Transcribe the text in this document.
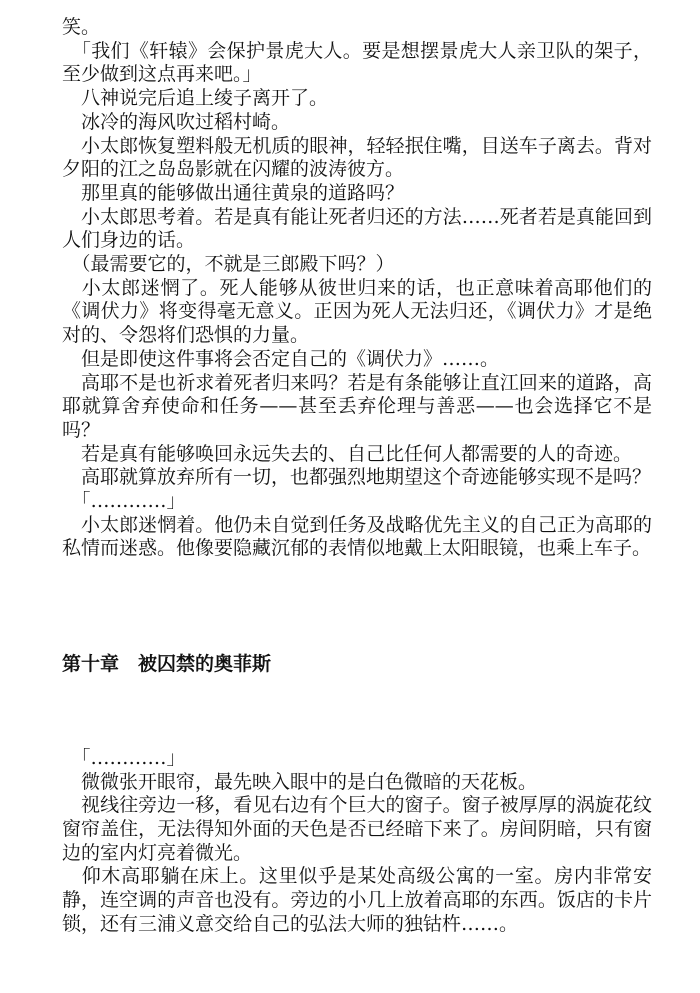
笑。

　「我们《轩辕》会保护景虎大人。要是想摆景虎大人亲卫队的架子，至少做到这点再来吧。」

　八神说完后追上绫子离开了。

　冰冷的海风吹过稻村崎。

　小太郎恢复塑料般无机质的眼神，轻轻抿住嘴，目送车子离去。背对夕阳的江之岛岛影就在闪耀的波涛彼方。

　那里真的能够做出通往黄泉的道路吗？

　小太郎思考着。若是真有能让死者归还的方法……死者若是真能回到人们身边的话。

　（最需要它的，不就是三郎殿下吗？）

　小太郎迷惘了。死人能够从彼世归来的话，也正意味着高耶他们的《调伏力》将变得毫无意义。正因为死人无法归还，《调伏力》才是绝对的、令怨将们恐惧的力量。

　但是即使这件事将会否定自己的《调伏力》……。

　高耶不是也祈求着死者归来吗？若是有条能够让直江回来的道路，高耶就算舍弃使命和任务——甚至丢弃伦理与善恶——也会选择它不是吗？

　若是真有能够唤回永远失去的、自己比任何人都需要的人的奇迹。

　高耶就算放弃所有一切，也都强烈地期望这个奇迹能够实现不是吗？

　「…………」

　小太郎迷惘着。他仍未自觉到任务及战略优先主义的自己正为高耶的私情而迷惑。他像要隐藏沉郁的表情似地戴上太阳眼镜，也乘上车子。

第十章　被囚禁的奥菲斯

　「…………」

　微微张开眼帘，最先映入眼中的是白色微暗的天花板。

　视线往旁边一移，看见右边有个巨大的窗子。窗子被厚厚的涡旋花纹窗帘盖住，无法得知外面的天色是否已经暗下来了。房间阴暗，只有窗边的室内灯亮着微光。

　仰木高耶躺在床上。这里似乎是某处高级公寓的一室。房内非常安静，连空调的声音也没有。旁边的小几上放着高耶的东西。饭店的卡片锁，还有三浦义意交给自己的弘法大师的独钴杵……。
